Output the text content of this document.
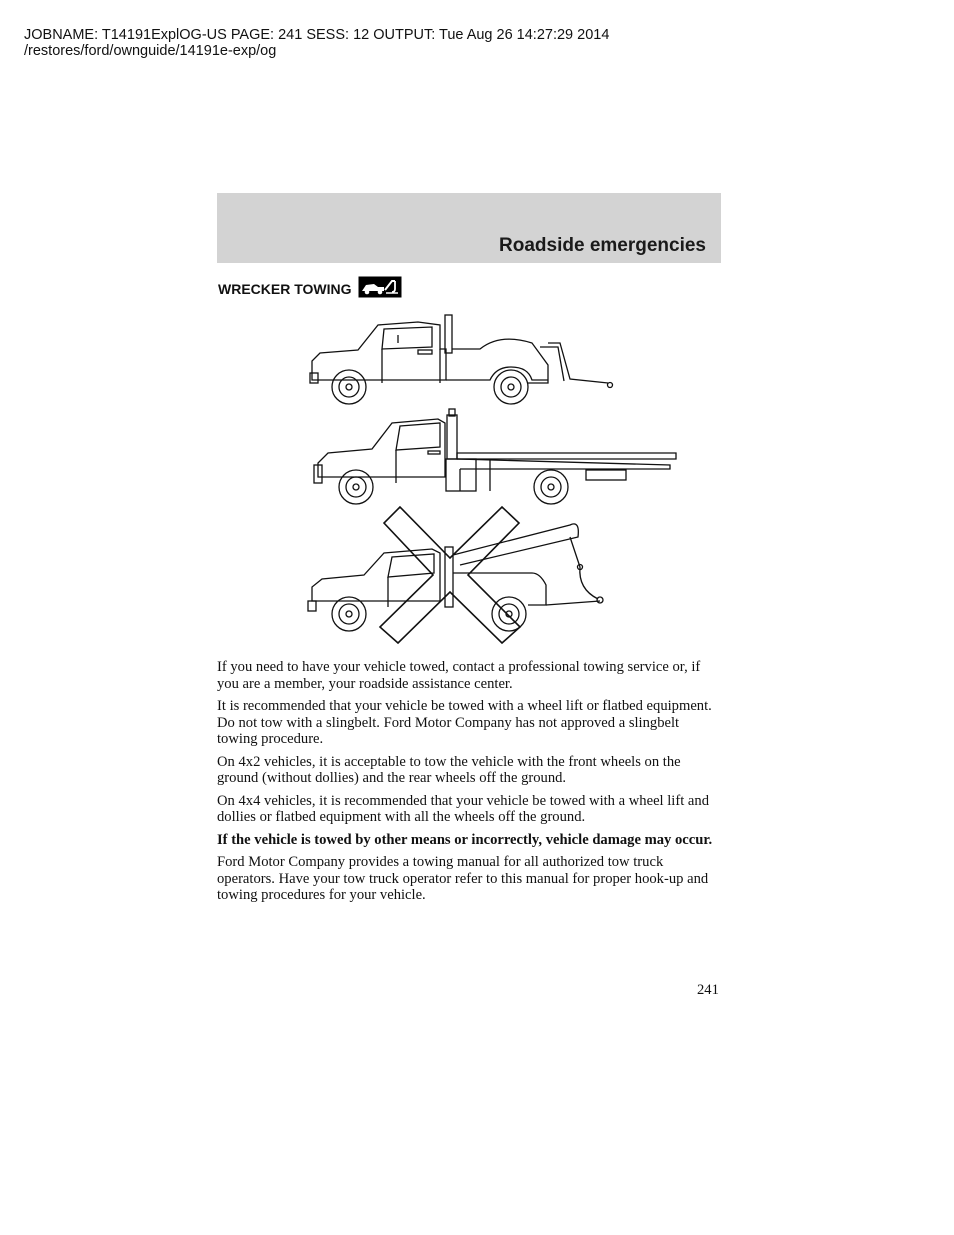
JOBNAME: T14191ExplOG-US PAGE: 241 SESS: 12 OUTPUT: Tue Aug 26 14:27:29 2014
/restores/ford/ownguide/14191e-exp/og
Roadside emergencies
WRECKER TOWING

If you need to have your vehicle towed, contact a professional towing service or, if you are a member, your roadside assistance center.

It is recommended that your vehicle be towed with a wheel lift or flatbed equipment. Do not tow with a slingbelt. Ford Motor Company has not approved a slingbelt towing procedure.

On 4x2 vehicles, it is acceptable to tow the vehicle with the front wheels on the ground (without dollies) and the rear wheels off the ground.

On 4x4 vehicles, it is recommended that your vehicle be towed with a wheel lift and dollies or flatbed equipment with all the wheels off the ground.

If the vehicle is towed by other means or incorrectly, vehicle damage may occur.

Ford Motor Company provides a towing manual for all authorized tow truck operators. Have your tow truck operator refer to this manual for proper hook-up and towing procedures for your vehicle.

241
